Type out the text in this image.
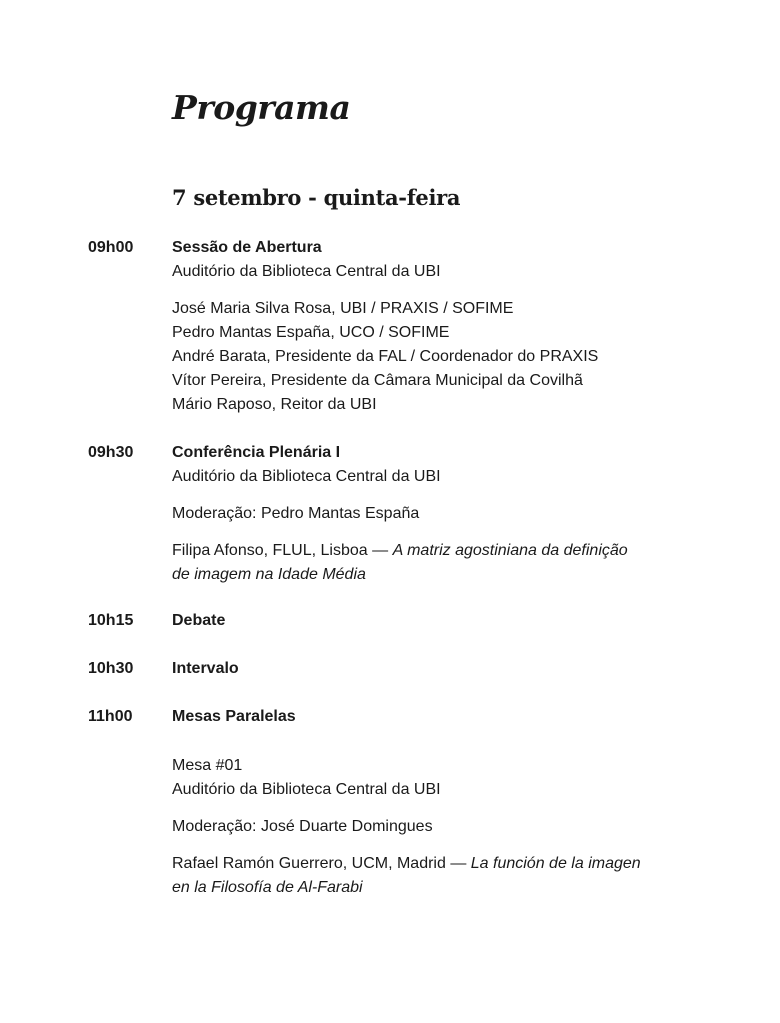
Programa
7 setembro - quinta-feira
09h00 Sessão de Abertura
Auditório da Biblioteca Central da UBI
José Maria Silva Rosa, UBI / PRAXIS / SOFIME
Pedro Mantas España, UCO / SOFIME
André Barata, Presidente da FAL / Coordenador do PRAXIS
Vítor Pereira, Presidente da Câmara Municipal da Covilhã
Mário Raposo, Reitor da UBI
09h30 Conferência Plenária I
Auditório da Biblioteca Central da UBI
Moderação: Pedro Mantas España
Filipa Afonso, FLUL, Lisboa — A matriz agostiniana da definição
de imagem na Idade Média
10h15 Debate
10h30 Intervalo
11h00 Mesas Paralelas
Mesa #01
Auditório da Biblioteca Central da UBI
Moderação: José Duarte Domingues
Rafael Ramón Guerrero, UCM, Madrid — La función de la imagen
en la Filosofía de Al-Farabi
